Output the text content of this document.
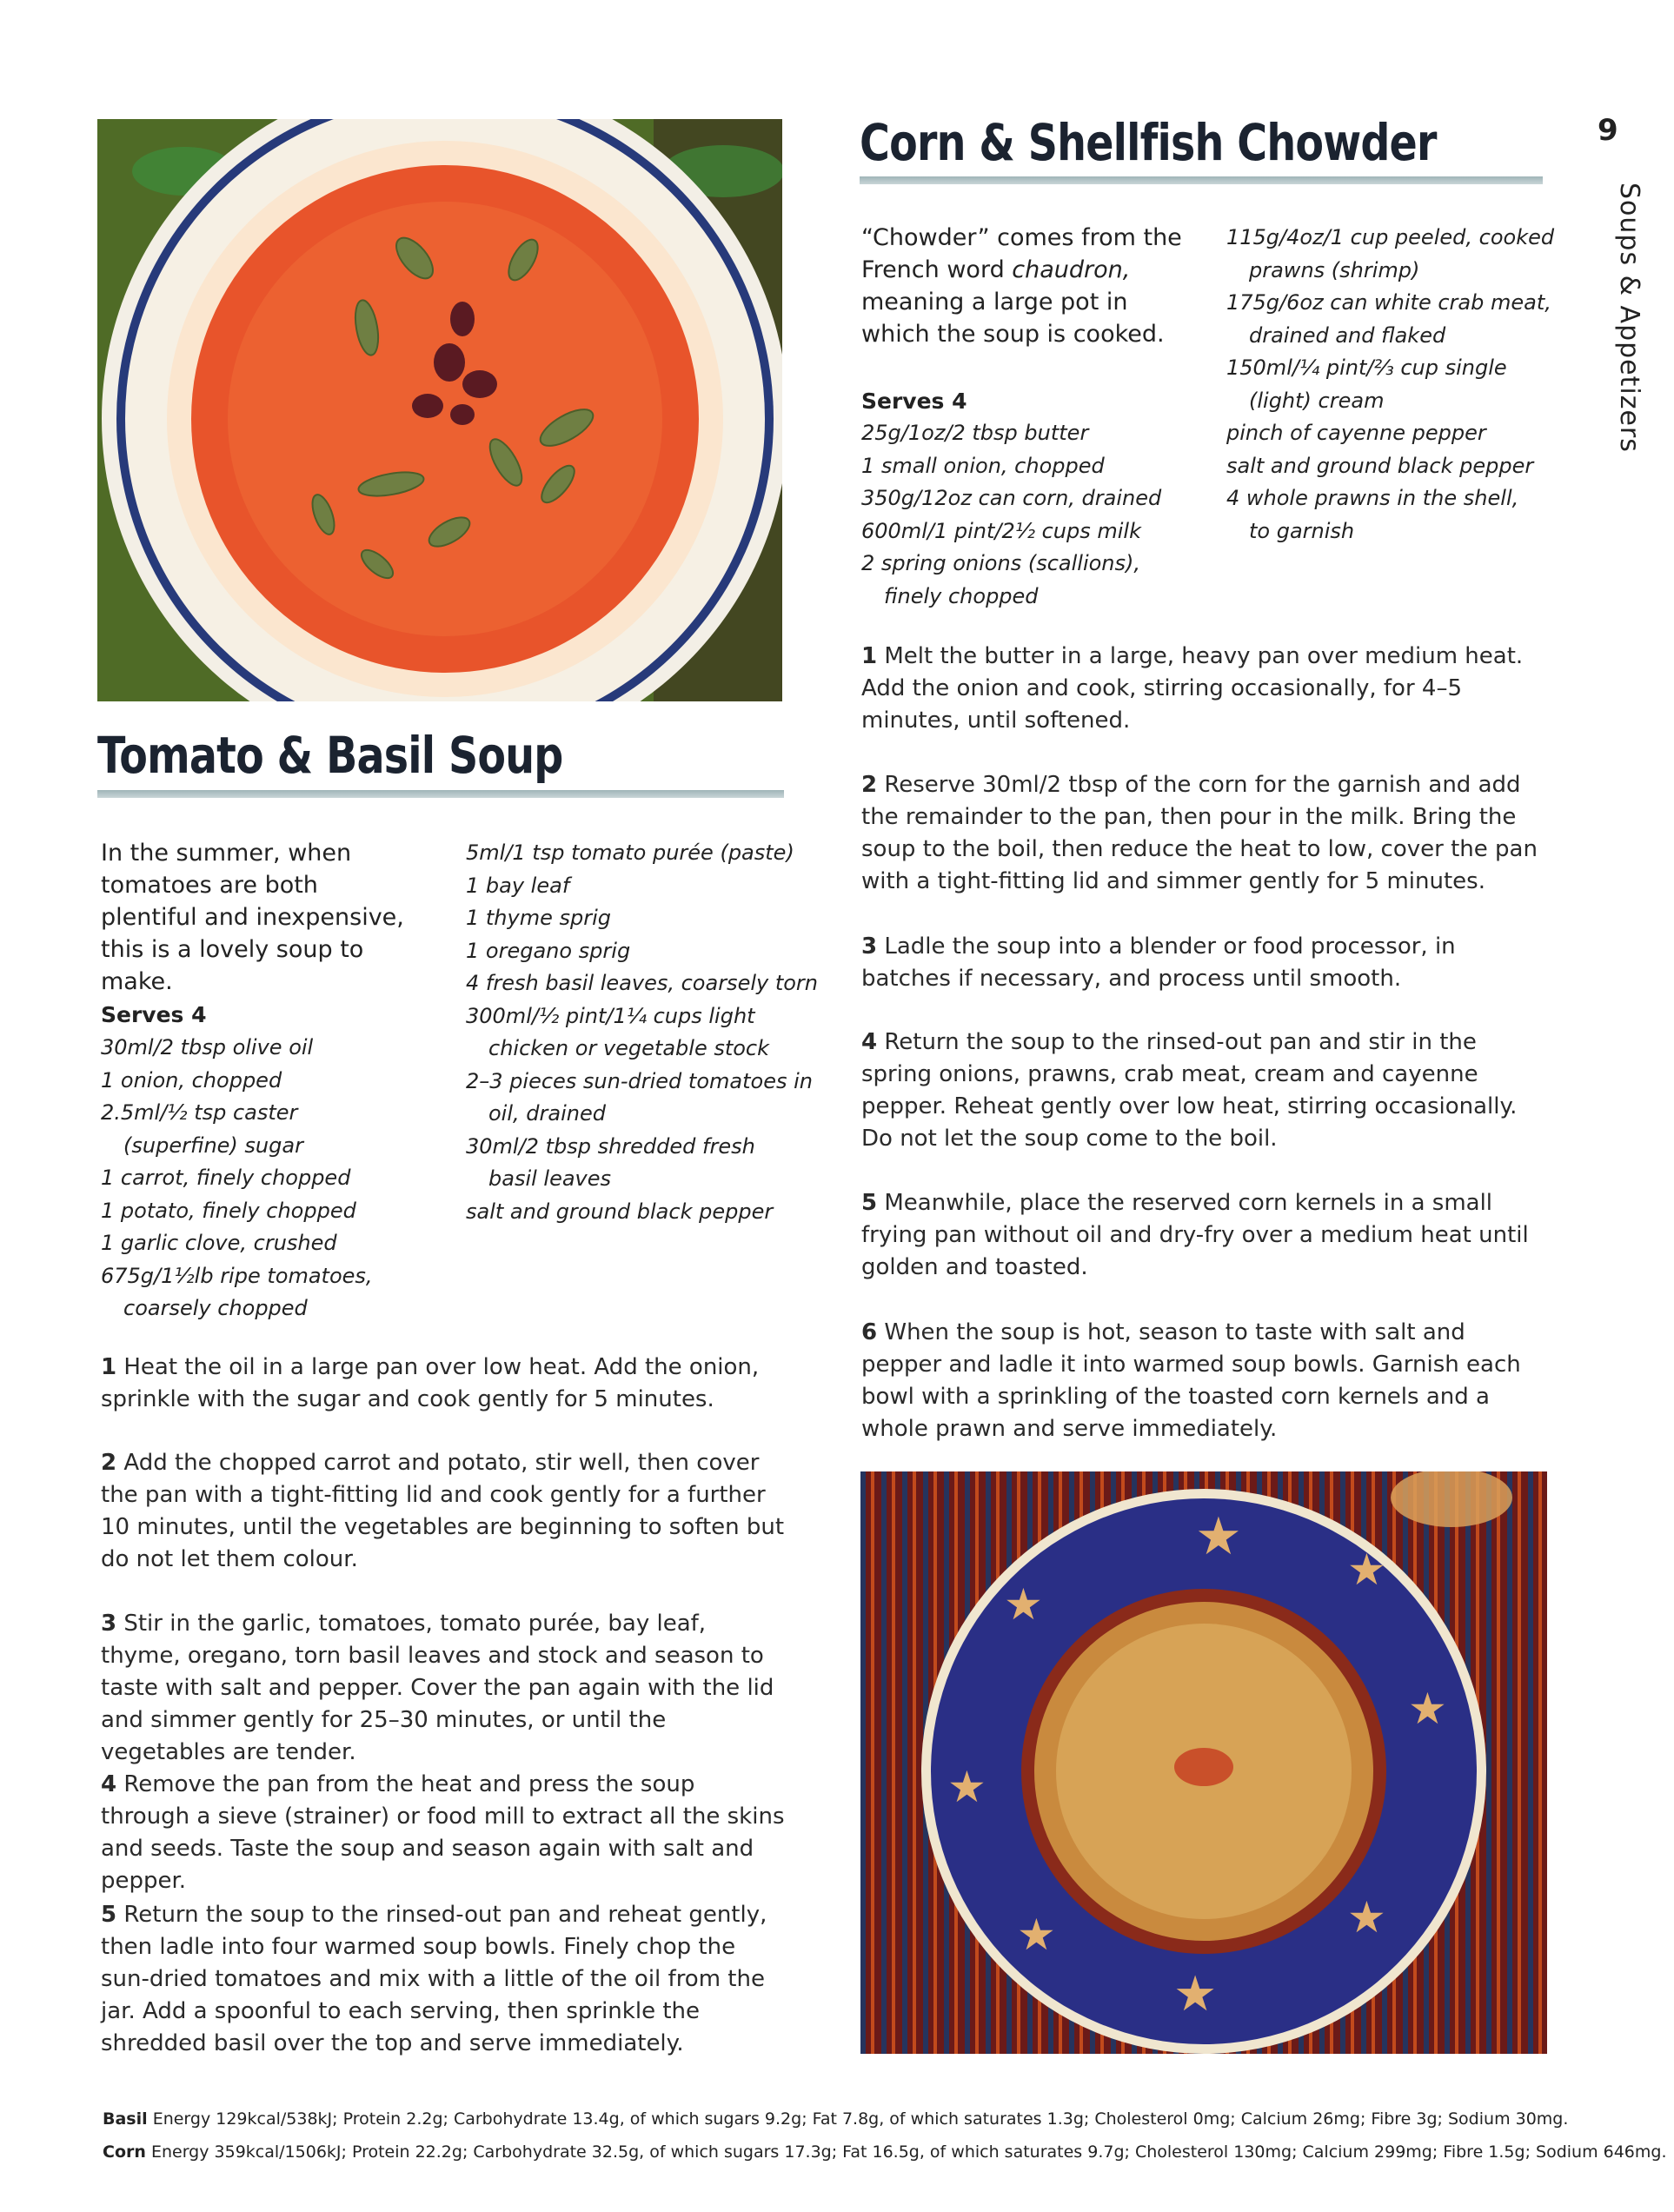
Tomato & Basil Soup
In the summer, when tomatoes are both plentiful and inexpensive, this is a lovely soup to make.
Serves 4
30ml/2 tbsp olive oil
1 onion, chopped
2.5ml/½ tsp caster
(superfine) sugar
1 carrot, finely chopped
1 potato, finely chopped
1 garlic clove, crushed
675g/1½lb ripe tomatoes,
coarsely chopped
5ml/1 tsp tomato purée (paste)
1 bay leaf
1 thyme sprig
1 oregano sprig
4 fresh basil leaves, coarsely torn
300ml/½ pint/1¼ cups light
chicken or vegetable stock
2–3 pieces sun-dried tomatoes in
oil, drained
30ml/2 tbsp shredded fresh
basil leaves
salt and ground black pepper

1 Heat the oil in a large pan over low heat. Add the onion, sprinkle with the sugar and cook gently for 5 minutes.

2 Add the chopped carrot and potato, stir well, then cover the pan with a tight-fitting lid and cook gently for a further 10 minutes, until the vegetables are beginning to soften but do not let them colour.

3 Stir in the garlic, tomatoes, tomato purée, bay leaf, thyme, oregano, torn basil leaves and stock and season to taste with salt and pepper. Cover the pan again with the lid and simmer gently for 25–30 minutes, or until the vegetables are tender.

4 Remove the pan from the heat and press the soup through a sieve (strainer) or food mill to extract all the skins and seeds. Taste the soup and season again with salt and pepper.

5 Return the soup to the rinsed-out pan and reheat gently, then ladle into four warmed soup bowls. Finely chop the sun-dried tomatoes and mix with a little of the oil from the jar. Add a spoonful to each serving, then sprinkle the shredded basil over the top and serve immediately.

Corn & Shellfish Chowder
“Chowder” comes from the French word chaudron, meaning a large pot in which the soup is cooked.
Serves 4
25g/1oz/2 tbsp butter
1 small onion, chopped
350g/12oz can corn, drained
600ml/1 pint/2½ cups milk
2 spring onions (scallions),
finely chopped
115g/4oz/1 cup peeled, cooked
prawns (shrimp)
175g/6oz can white crab meat,
drained and flaked
150ml/¼ pint/⅔ cup single
(light) cream
pinch of cayenne pepper
salt and ground black pepper
4 whole prawns in the shell,
to garnish

1 Melt the butter in a large, heavy pan over medium heat. Add the onion and cook, stirring occasionally, for 4–5 minutes, until softened.

2 Reserve 30ml/2 tbsp of the corn for the garnish and add the remainder to the pan, then pour in the milk. Bring the soup to the boil, then reduce the heat to low, cover the pan with a tight-fitting lid and simmer gently for 5 minutes.

3 Ladle the soup into a blender or food processor, in batches if necessary, and process until smooth.

4 Return the soup to the rinsed-out pan and stir in the spring onions, prawns, crab meat, cream and cayenne pepper. Reheat gently over low heat, stirring occasionally. Do not let the soup come to the boil.

5 Meanwhile, place the reserved corn kernels in a small frying pan without oil and dry-fry over a medium heat until golden and toasted.

6 When the soup is hot, season to taste with salt and pepper and ladle it into warmed soup bowls. Garnish each bowl with a sprinkling of the toasted corn kernels and a whole prawn and serve immediately.

★
★
★
★
★
★
★
★
9
Soups & Appetizers
Basil Energy 129kcal/538kJ; Protein 2.2g; Carbohydrate 13.4g, of which sugars 9.2g; Fat 7.8g, of which saturates 1.3g; Cholesterol 0mg; Calcium 26mg; Fibre 3g; Sodium 30mg.
Corn Energy 359kcal/1506kJ; Protein 22.2g; Carbohydrate 32.5g, of which sugars 17.3g; Fat 16.5g, of which saturates 9.7g; Cholesterol 130mg; Calcium 299mg; Fibre 1.5g; Sodium 646mg.
